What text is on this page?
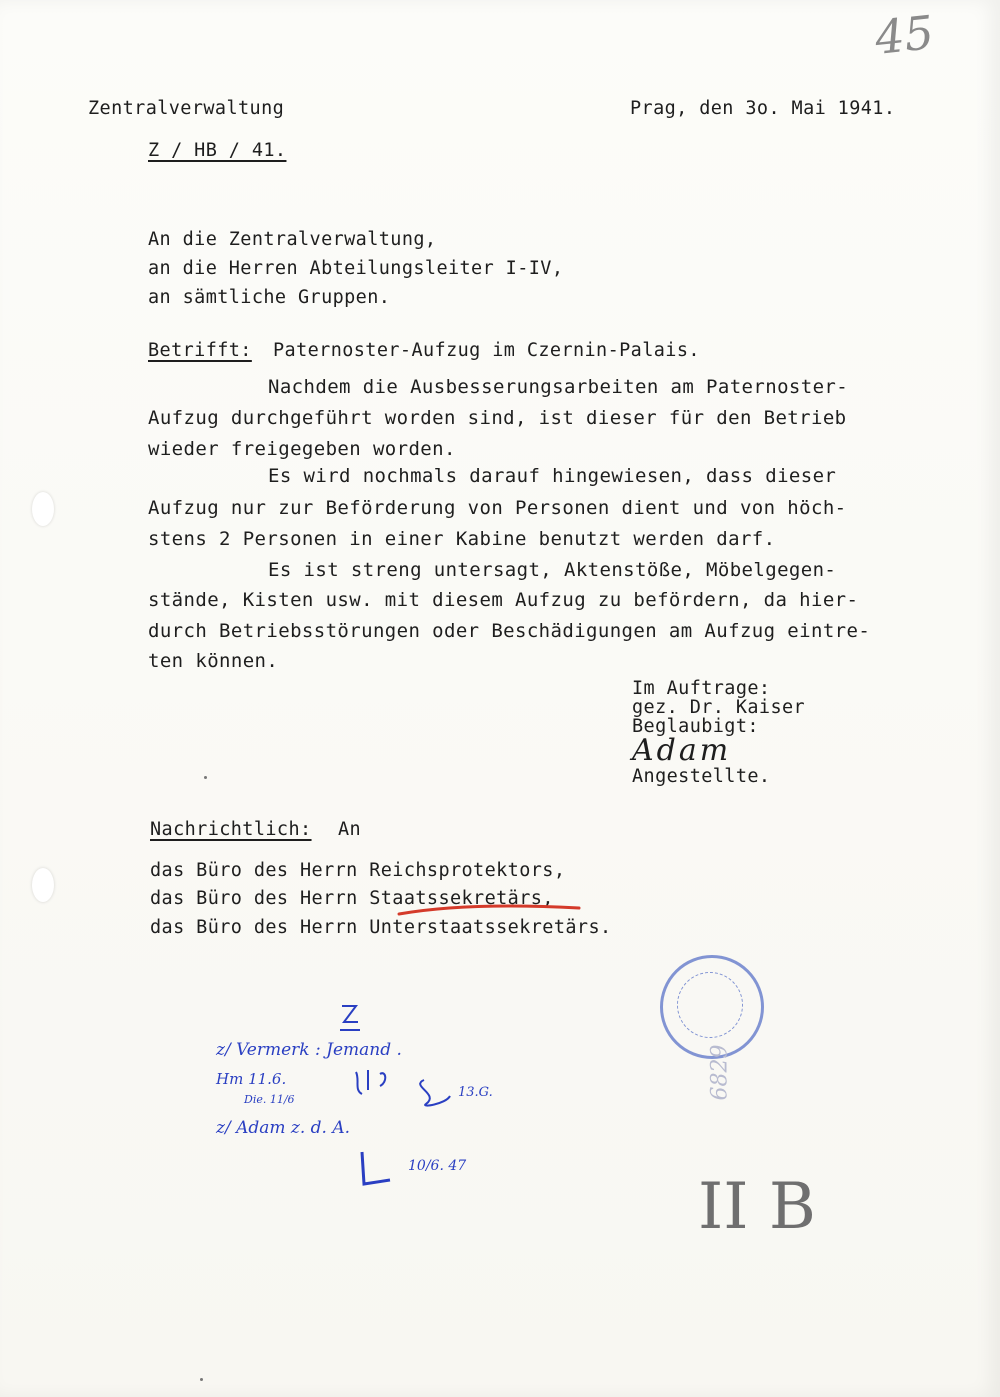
45
Zentralverwaltung	Prag, den 3o. Mai 1941.
Z / HB / 41.
An die Zentralverwaltung,
an die Herren Abteilungsleiter I-IV,
an sämtliche Gruppen.
Betrifft: Paternoster-Aufzug im Czernin-Palais.
Nachdem die Ausbesserungsarbeiten am Paternoster-
Aufzug durchgeführt worden sind, ist dieser für den Betrieb
wieder freigegeben worden.
Es wird nochmals darauf hingewiesen, dass dieser
Aufzug nur zur Beförderung von Personen dient und von höch-
stens 2 Personen in einer Kabine benutzt werden darf.
Es ist streng untersagt, Aktenstöße, Möbelgegen-
stände, Kisten usw. mit diesem Aufzug zu befördern, da hier-
durch Betriebsstörungen oder Beschädigungen am Aufzug eintre-
ten können.
Im Auftrage:
gez. Dr. Kaiser
Beglaubigt:
Adam
Angestellte.
Nachrichtlich: An
das Büro des Herrn Reichsprotektors,
das Büro des Herrn Staatssekretärs,
das Büro des Herrn Unterstaatssekretärs.
z/ Vermerk : Jemand .
Hm 11.6.
Die. 11/6	13.G.
z/ Adam z. d. A.
10/6. 47
6829
II B
